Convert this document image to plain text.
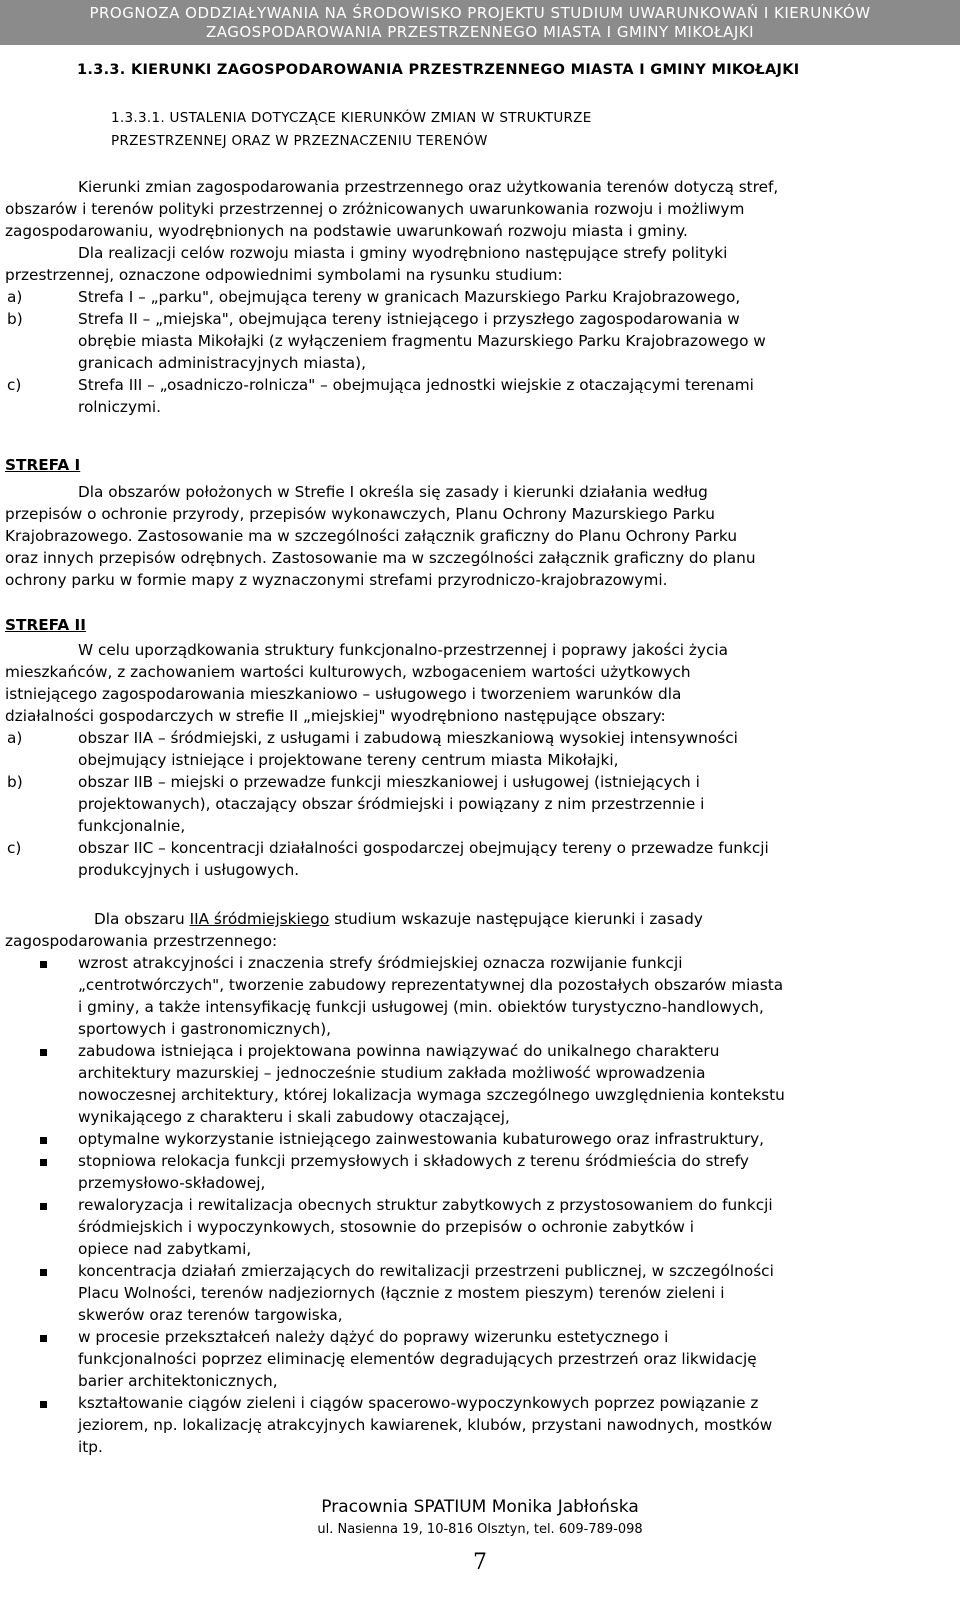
PROGNOZA ODDZIAŁYWANIA NA ŚRODOWISKO PROJEKTU STUDIUM UWARUNKOWAŃ I KIERUNKÓW
ZAGOSPODAROWANIA PRZESTRZENNEGO MIASTA I GMINY MIKOŁAJKI
1.3.3. KIERUNKI ZAGOSPODAROWANIA PRZESTRZENNEGO MIASTA I GMINY MIKOŁAJKI
1.3.3.1. USTALENIA DOTYCZĄCE KIERUNKÓW ZMIAN W STRUKTURZE
PRZESTRZENNEJ ORAZ W PRZEZNACZENIU TERENÓW
Kierunki zmian zagospodarowania przestrzennego oraz użytkowania terenów dotyczą stref,
obszarów i terenów polityki przestrzennej o zróżnicowanych uwarunkowania rozwoju i możliwym
zagospodarowaniu, wyodrębnionych na podstawie uwarunkowań rozwoju miasta i gminy.
Dla realizacji celów rozwoju miasta i gminy wyodrębniono następujące strefy polityki
przestrzennej, oznaczone odpowiednimi symbolami na rysunku studium:
a)	Strefa I – „parku", obejmująca tereny w granicach Mazurskiego Parku Krajobrazowego,
b)	Strefa II – „miejska", obejmująca tereny istniejącego i przyszłego zagospodarowania w
obrębie miasta Mikołajki (z wyłączeniem fragmentu Mazurskiego Parku Krajobrazowego w
granicach administracyjnych miasta),
c)	Strefa III – „osadniczo-rolnicza" – obejmująca jednostki wiejskie z otaczającymi terenami
rolniczymi.
STREFA I
Dla obszarów położonych w Strefie I określa się zasady i kierunki działania według
przepisów o ochronie przyrody, przepisów wykonawczych, Planu Ochrony Mazurskiego Parku
Krajobrazowego. Zastosowanie ma w szczególności załącznik graficzny do Planu Ochrony Parku
oraz innych przepisów odrębnych. Zastosowanie ma w szczególności załącznik graficzny do planu
ochrony parku w formie mapy z wyznaczonymi strefami przyrodniczo-krajobrazowymi.
STREFA II
W celu uporządkowania struktury funkcjonalno-przestrzennej i poprawy jakości życia
mieszkańców, z zachowaniem wartości kulturowych, wzbogaceniem wartości użytkowych
istniejącego zagospodarowania mieszkaniowo – usługowego i tworzeniem warunków dla
działalności gospodarczych w strefie II „miejskiej" wyodrębniono następujące obszary:
a)	obszar IIA – śródmiejski, z usługami i zabudową mieszkaniową wysokiej intensywności
obejmujący istniejące i projektowane tereny centrum miasta Mikołajki,
b)	obszar IIB – miejski o przewadze funkcji mieszkaniowej i usługowej (istniejących i
projektowanych), otaczający obszar śródmiejski i powiązany z nim przestrzennie i
funkcjonalnie,
c)	obszar IIC – koncentracji działalności gospodarczej obejmujący tereny o przewadze funkcji
produkcyjnych i usługowych.
Dla obszaru IIA śródmiejskiego studium wskazuje następujące kierunki i zasady
zagospodarowania przestrzennego:
wzrost atrakcyjności i znaczenia strefy śródmiejskiej oznacza rozwijanie funkcji
„centrotwórczych", tworzenie zabudowy reprezentatywnej dla pozostałych obszarów miasta
i gminy, a także intensyfikację funkcji usługowej (min. obiektów turystyczno-handlowych,
sportowych i gastronomicznych),
zabudowa istniejąca i projektowana powinna nawiązywać do unikalnego charakteru
architektury mazurskiej – jednocześnie studium zakłada możliwość wprowadzenia
nowoczesnej architektury, której lokalizacja wymaga szczególnego uwzględnienia kontekstu
wynikającego z charakteru i skali zabudowy otaczającej,
optymalne wykorzystanie istniejącego zainwestowania kubaturowego oraz infrastruktury,
stopniowa relokacja funkcji przemysłowych i składowych z terenu śródmieścia do strefy
przemysłowo-składowej,
rewaloryzacja i rewitalizacja obecnych struktur zabytkowych z przystosowaniem do funkcji
śródmiejskich i wypoczynkowych, stosownie do przepisów o ochronie zabytków i
opiece nad zabytkami,
koncentracja działań zmierzających do rewitalizacji przestrzeni publicznej, w szczególności
Placu Wolności, terenów nadjeziornych (łącznie z mostem pieszym) terenów zieleni i
skwerów oraz terenów targowiska,
w procesie przekształceń należy dążyć do poprawy wizerunku estetycznego i
funkcjonalności poprzez eliminację elementów degradujących przestrzeń oraz likwidację
barier architektonicznych,
kształtowanie ciągów zieleni i ciągów spacerowo-wypoczynkowych poprzez powiązanie z
jeziorem, np. lokalizację atrakcyjnych kawiarenek, klubów, przystani nawodnych, mostków
itp.
Pracownia SPATIUM Monika Jabłońska
ul. Nasienna 19, 10-816 Olsztyn, tel. 609-789-098
7
